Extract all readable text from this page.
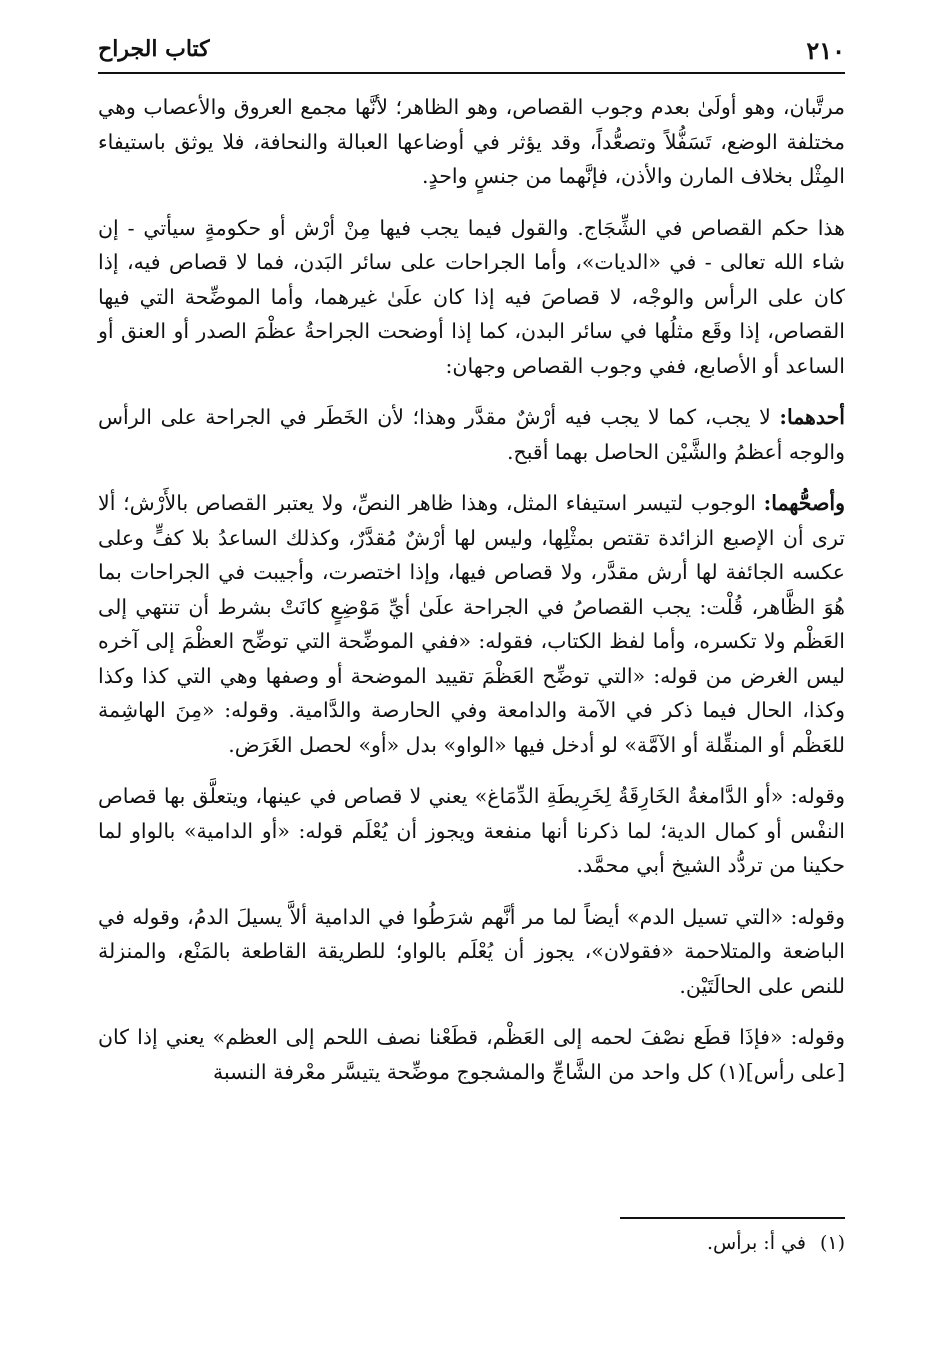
٢١٠
كتاب الجراح

مرتَّبان، وهو أولَىٰ بعدم وجوب القصاص، وهو الظاهر؛ لأنَّها مجمع العروق والأعصاب وهي مختلفة الوضع، تَسَفُّلاً وتصعُّداً، وقد يؤثر في أوضاعها العبالة والنحافة، فلا يوثق باستيفاء المِثْل بخلاف المارن والأذن، فإنَّهما من جنسٍ واحدٍ.

هذا حكم القصاص في الشِّجَاج. والقول فيما يجب فيها مِنْ أرْش أو حكومةٍ سيأتي - إن شاء الله تعالى - في «الديات»، وأما الجراحات على سائر البَدن، فما لا قصاص فيه، إذا كان على الرأس والوجْه، لا قصاصَ فيه إذا كان علَىٰ غيرهما، وأما الموضِّحة التي فيها القصاص، إذا وقَع مثلُها في سائر البدن، كما إذا أوضحت الجراحةُ عظْمَ الصدر أو العنق أو الساعد أو الأصابع، ففي وجوب القصاص وجهان:

أحدهما: لا يجب، كما لا يجب فيه أرْشٌ مقدَّر وهذا؛ لأن الخَطَر في الجراحة على الرأس والوجه أعظمُ والشَّيْن الحاصل بهما أقبح.

وأصحُّهما: الوجوب لتيسر استيفاء المثل، وهذا ظاهر النصِّ، ولا يعتبر القصاص بالأَرْش؛ ألا ترى أن الإصبع الزائدة تقتص بمثْلِها، وليس لها أرْشٌ مُقدَّرٌ، وكذلك الساعدُ بلا كفٍّ وعلى عكسه الجائفة لها أرش مقدَّر، ولا قصاص فيها، وإذا اختصرت، وأجيبت في الجراحات بما هُوَ الظَّاهر، قُلْت: يجب القصاصُ في الجراحة علَىٰ أيِّ مَوْضِعٍ كانَتْ بشرط أن تنتهي إلى العَظْم ولا تكسره، وأما لفظ الكتاب، فقوله: «ففي الموضِّحة التي توضِّح العظْمَ إلى آخره ليس الغرض من قوله: «التي توضِّح العَظْمَ تقييد الموضحة أو وصفها وهي التي كذا وكذا وكذا، الحال فيما ذكر في الآمة والدامعة وفي الحارصة والدَّامية. وقوله: «مِنَ الهاشِمة للعَظْم أو المنقِّلة أو الآمَّة» لو أدخل فيها «الواو» بدل «أو» لحصل الغَرَض.

وقوله: «أو الدَّامغةُ الخَارِقَةُ لِخَرِيطَةِ الدِّمَاغ» يعني لا قصاص في عينها، ويتعلَّق بها قصاص النفْس أو كمال الدية؛ لما ذكرنا أنها منفعة ويجوز أن يُعْلَم قوله: «أو الدامية» بالواو لما حكينا من تردُّد الشيخ أبي محمَّد.

وقوله: «التي تسيل الدم» أيضاً لما مر أنَّهم شرَطُوا في الدامية ألاَّ يسيلَ الدمُ، وقوله في الباضعة والمتلاحمة «فقولان»، يجوز أن يُعْلَم بالواو؛ للطريقة القاطعة بالمَنْع، والمنزلة للنص على الحالَتَيْن.

وقوله: «فإذَا قطَع نصْفَ لحمه إلى العَظْم، قطَعْنا نصف اللحم إلى العظم» يعني إذا كان [على رأس](١) كل واحد من الشَّاجِّ والمشجوج موضِّحة يتيسَّر معْرفة النسبة

(١)في أ: برأس.
